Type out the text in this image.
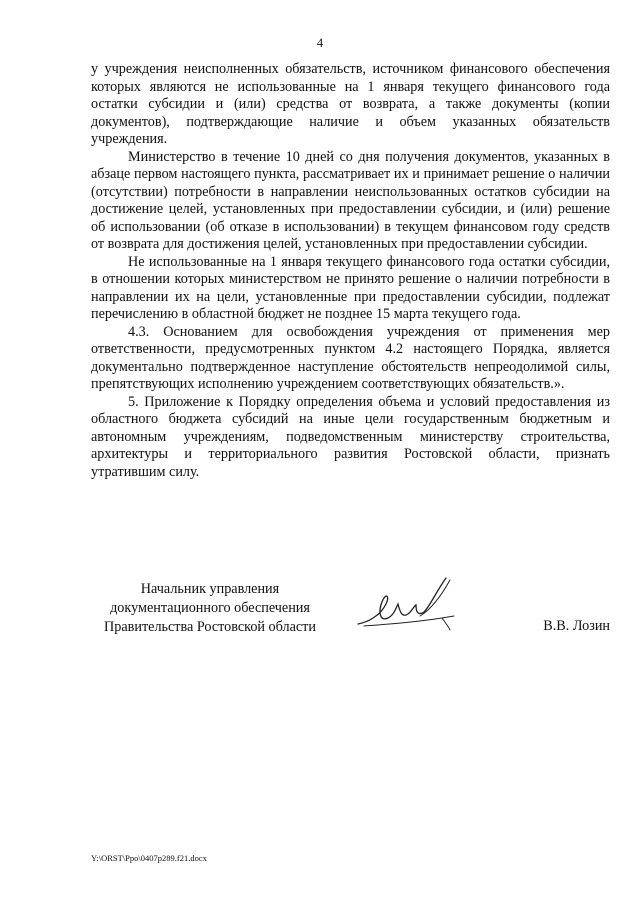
4

у учреждения неисполненных обязательств, источником финансового обеспечения которых являются не использованные на 1 января текущего финансового года остатки субсидии и (или) средства от возврата, а также документы (копии документов), подтверждающие наличие и объем указанных обязательств учреждения.

Министерство в течение 10 дней со дня получения документов, указанных в абзаце первом настоящего пункта, рассматривает их и принимает решение о наличии (отсутствии) потребности в направлении неиспользованных остатков субсидии на достижение целей, установленных при предоставлении субсидии, и (или) решение об использовании (об отказе в использовании) в текущем финансовом году средств от возврата для достижения целей, установленных при предоставлении субсидии.

Не использованные на 1 января текущего финансового года остатки субсидии, в отношении которых министерством не принято решение о наличии потребности в направлении их на цели, установленные при предоставлении субсидии, подлежат перечислению в областной бюджет не позднее 15 марта текущего года.

4.3. Основанием для освобождения учреждения от применения мер ответственности, предусмотренных пунктом 4.2 настоящего Порядка, является документально подтвержденное наступление обстоятельств непреодолимой силы, препятствующих исполнению учреждением соответствующих обязательств.».

5. Приложение к Порядку определения объема и условий предоставления из областного бюджета субсидий на иные цели государственным бюджетным и автономным учреждениям, подведомственным министерству строительства, архитектуры и территориального развития Ростовской области, признать утратившим силу.

Начальник управления
документационного обеспечения
Правительства Ростовской области	В.В. Лозин
Y:\ORST\Ppo\0407p289.f21.docx
